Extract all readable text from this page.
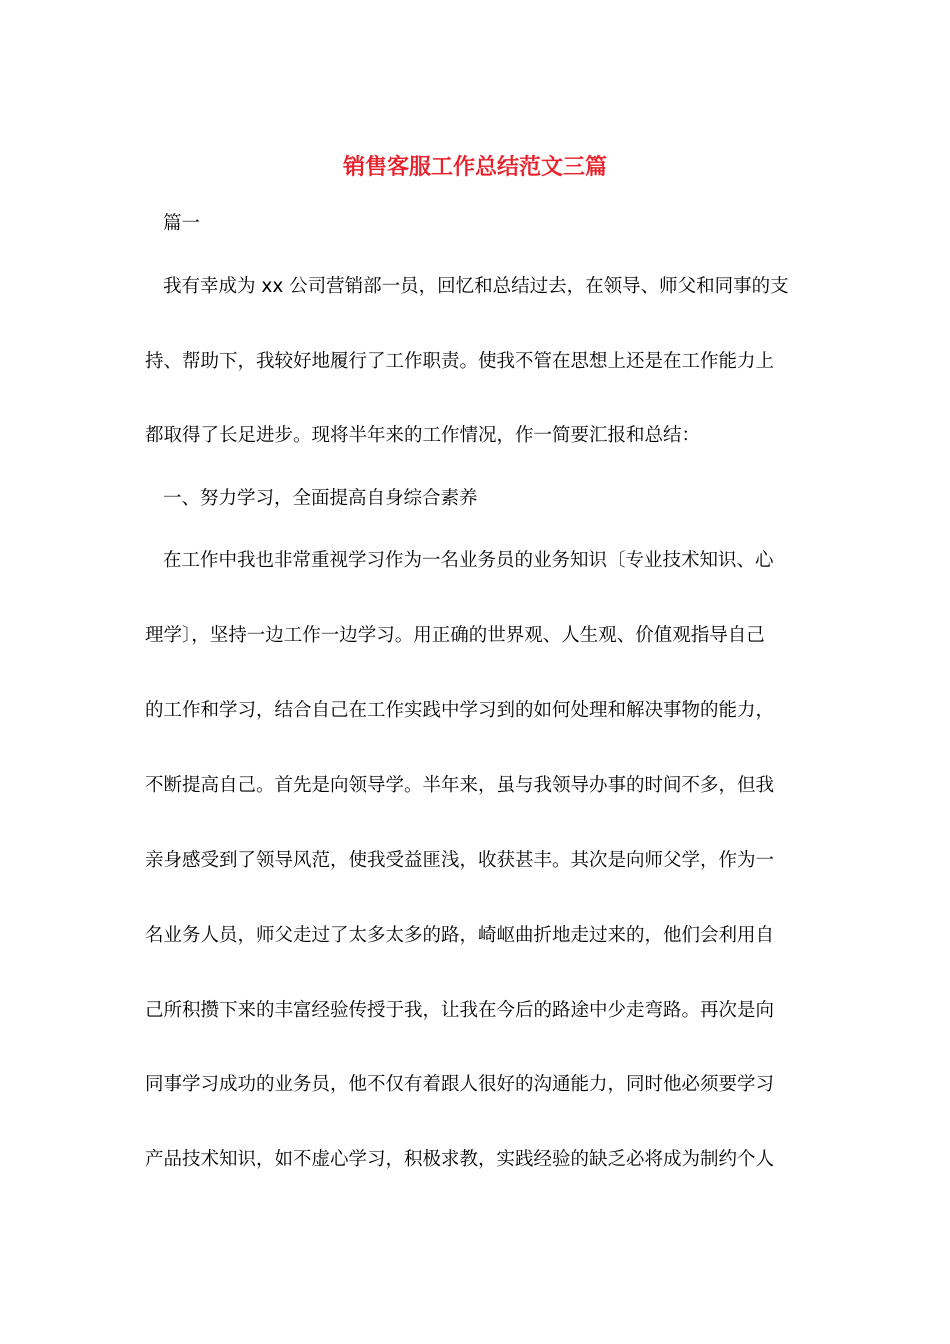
销售客服工作总结范文三篇

篇一

我有幸成为 xx 公司营销部一员，回忆和总结过去，在领导、师父和同事的支

持、帮助下，我较好地履行了工作职责。使我不管在思想上还是在工作能力上

都取得了长足进步。现将半年来的工作情况，作一简要汇报和总结：

一、努力学习，全面提高自身综合素养

在工作中我也非常重视学习作为一名业务员的业务知识〔专业技术知识、心

理学〕，坚持一边工作一边学习。用正确的世界观、人生观、价值观指导自己

的工作和学习，结合自己在工作实践中学习到的如何处理和解决事物的能力，

不断提高自己。首先是向领导学。半年来，虽与我领导办事的时间不多，但我

亲身感受到了领导风范，使我受益匪浅，收获甚丰。其次是向师父学，作为一

名业务人员，师父走过了太多太多的路，崎岖曲折地走过来的，他们会利用自

己所积攒下来的丰富经验传授于我，让我在今后的路途中少走弯路。再次是向

同事学习成功的业务员，他不仅有着跟人很好的沟通能力，同时他必须要学习

产品技术知识，如不虚心学习，积极求教，实践经验的缺乏必将成为制约个人
